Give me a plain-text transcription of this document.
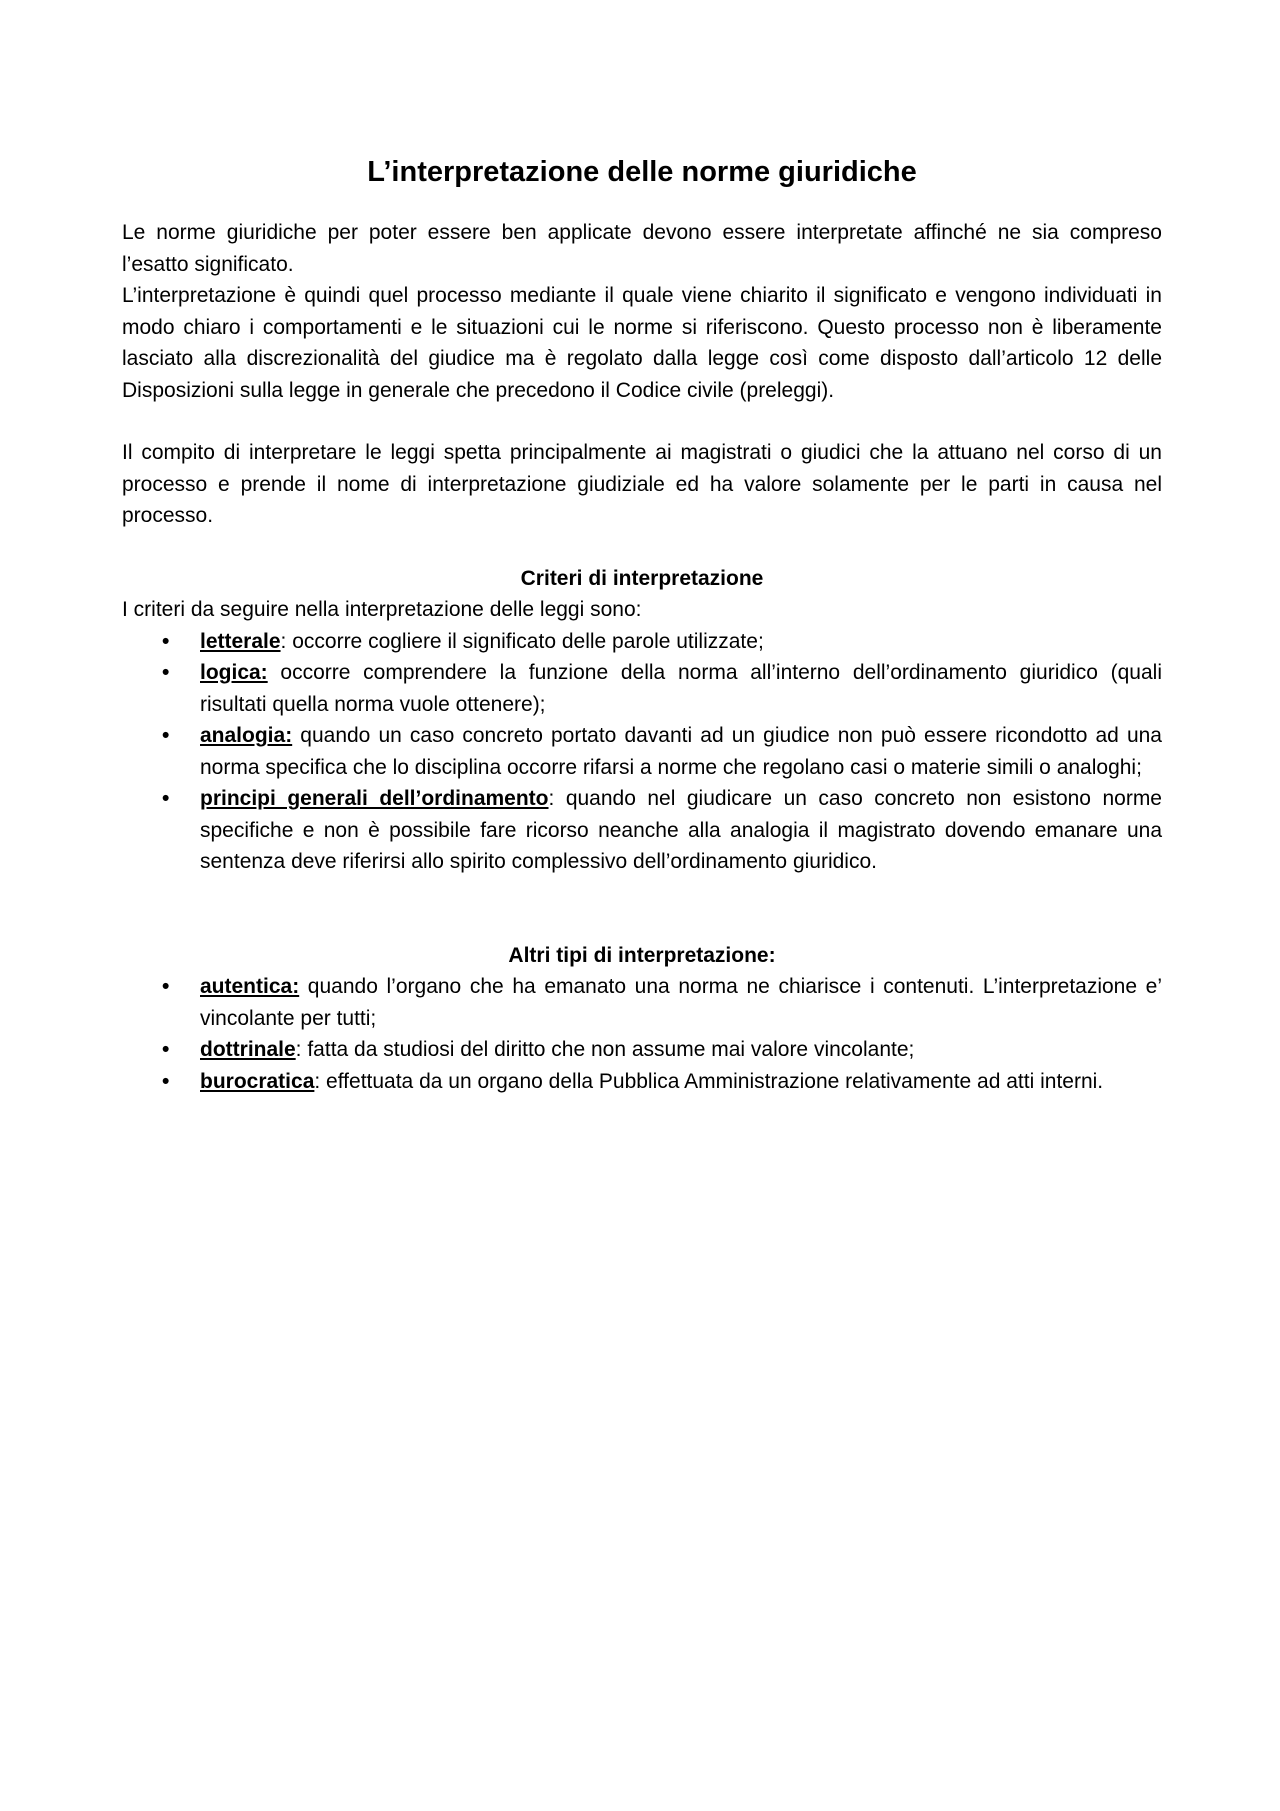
L’interpretazione delle norme giuridiche

Le norme giuridiche per poter essere ben applicate devono essere interpretate affinché ne sia compreso l’esatto significato.

L’interpretazione è quindi quel processo mediante il quale viene chiarito il significato e vengono individuati in modo chiaro i comportamenti e le situazioni cui le norme si riferiscono. Questo processo non è liberamente lasciato alla discrezionalità del giudice ma è regolato dalla legge così come disposto dall’articolo 12 delle Disposizioni sulla legge in generale che precedono il Codice civile (preleggi).

Il compito di interpretare le leggi spetta principalmente ai magistrati o giudici che la attuano nel corso di un processo e prende il nome di interpretazione giudiziale ed ha valore solamente per le parti in causa nel processo.

Criteri di interpretazione

I criteri da seguire nella interpretazione delle leggi sono:

• letterale: occorre cogliere il significato delle parole utilizzate;
• logica: occorre comprendere la funzione della norma all’interno dell’ordinamento giuridico (quali risultati quella norma vuole ottenere);
• analogia: quando un caso concreto portato davanti ad un giudice non può essere ricondotto ad una norma specifica che lo disciplina occorre rifarsi a norme che regolano casi o materie simili o analoghi;
• principi generali dell’ordinamento: quando nel giudicare un caso concreto non esistono norme specifiche e non è possibile fare ricorso neanche alla analogia il magistrato dovendo emanare una sentenza deve riferirsi allo spirito complessivo dell’ordinamento giuridico.
Altri tipi di interpretazione:
• autentica: quando l’organo che ha emanato una norma ne chiarisce i contenuti. L’interpretazione e’ vincolante per tutti;
• dottrinale: fatta da studiosi del diritto che non assume mai valore vincolante;
• burocratica: effettuata da un organo della Pubblica Amministrazione relativamente ad atti interni.
